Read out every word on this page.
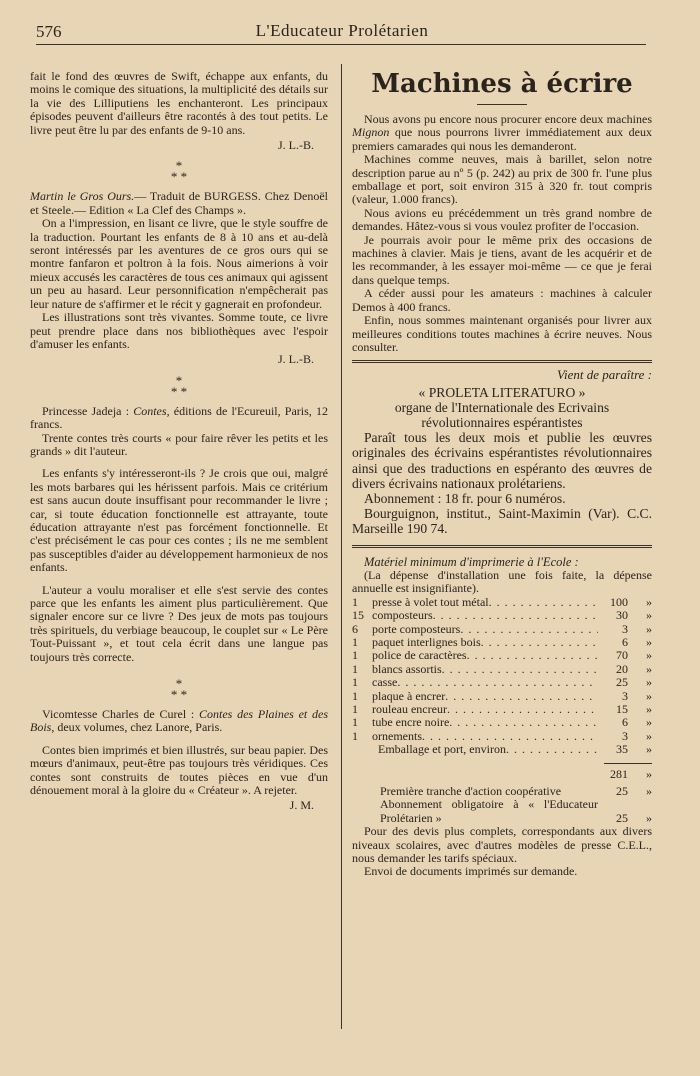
576	L'Educateur Prolétarien

fait le fond des œuvres de Swift, échappe aux enfants, du moins le comique des situations, la multiplicité des détails sur la vie des Lilliputiens les enchanteront. Les principaux épisodes peuvent d'ailleurs être racontés à des tout petits. Le livre peut être lu par des enfants de 9-10 ans.

J. L.-B.

*
* *

Martin le Gros Ours.— Traduit de BURGESS. Chez Denoël et Steele.— Edition « La Clef des Champs ».

On a l'impression, en lisant ce livre, que le style souffre de la traduction. Pourtant les enfants de 8 à 10 ans et au-delà seront intéressés par les aventures de ce gros ours qui se montre fanfaron et poltron à la fois. Nous aimerions à voir mieux accusés les caractères de tous ces animaux qui agissent un peu au hasard. Leur personnification n'empêcherait pas leur nature de s'affirmer et le récit y gagnerait en profondeur.

Les illustrations sont très vivantes. Somme toute, ce livre peut prendre place dans nos bibliothèques avec l'espoir d'amuser les enfants.

J. L.-B.

*
* *

Princesse Jadeja : Contes, éditions de l'Ecureuil, Paris, 12 francs.

Trente contes très courts « pour faire rêver les petits et les grands » dit l'auteur.

Les enfants s'y intéresseront-ils ? Je crois que oui, malgré les mots barbares qui les hérissent parfois. Mais ce critérium est sans aucun doute insuffisant pour recommander le livre ; car, si toute éducation fonctionnelle est attrayante, toute éducation attrayante n'est pas forcément fonctionnelle. Et c'est précisément le cas pour ces contes ; ils ne me semblent pas susceptibles d'aider au développement harmonieux de nos enfants.

L'auteur a voulu moraliser et elle s'est servie des contes parce que les enfants les aiment plus particulièrement. Que signaler encore sur ce livre ? Des jeux de mots pas toujours très spirituels, du verbiage beaucoup, le couplet sur « Le Père Tout-Puissant », et tout cela écrit dans une langue pas toujours très correcte.

*
* *

Vicomtesse Charles de Curel : Contes des Plaines et des Bois, deux volumes, chez Lanore, Paris.

Contes bien imprimés et bien illustrés, sur beau papier. Des mœurs d'animaux, peut-être pas toujours très véridiques. Ces contes sont construits de toutes pièces en vue d'un dénouement moral à la gloire du « Créateur ». A rejeter.

J. M.

Machines à écrire

Nous avons pu encore nous procurer encore deux machines Mignon que nous pourrons livrer immédiatement aux deux premiers camarades qui nous les demanderont.

Machines comme neuves, mais à barillet, selon notre description parue au nº 5 (p. 242) au prix de 300 fr. l'une plus emballage et port, soit environ 315 à 320 fr. tout compris (valeur, 1.000 francs).

Nous avions eu précédemment un très grand nombre de demandes. Hâtez-vous si vous voulez profiter de l'occasion.

Je pourrais avoir pour le même prix des occasions de machines à clavier. Mais je tiens, avant de les acquérir et de les recommander, à les essayer moi-même — ce que je ferai dans quelque temps.

A céder aussi pour les amateurs : machines à calculer Demos à 400 francs.

Enfin, nous sommes maintenant organisés pour livrer aux meilleures conditions toutes machines à écrire neuves. Nous consulter.

Vient de paraître :

« PROLETA LITERATURO »

organe de l'Internationale des Ecrivains révolutionnaires espérantistes

Paraît tous les deux mois et publie les œuvres originales des écrivains espérantistes révolutionnaires ainsi que des traductions en espéranto des œuvres de divers écrivains nationaux prolétariens.

Abonnement : 18 fr. pour 6 numéros.

Bourguignon, institut., Saint-Maximin (Var). C.C. Marseille 190 74.

Matériel minimum d'imprimerie à l'Ecole :

(La dépense d'installation une fois faite, la dépense annuelle est insignifiante).

1	presse à volet tout métal . . .	100	»
15 composteurs . . .	30	»
6	porte composteurs . . .	3	»
1	paquet interlignes bois . . .	6	»
1	police de caractères . . .	70	»
1	blancs assortis . . .	20	»
1	casse . . .	25	»
1	plaque à encrer . . .	3	»
1	rouleau encreur . . .	15	»
1	tube encre noire . . .	6	»
1	ornements . . .	3	»
Emballage et port, environ . . .	35	»
281	»
Première tranche d'action coopérative	25	»
Abonnement obligatoire à « l'Educateur Prolétarien »	25	»

Pour des devis plus complets, correspondants aux divers niveaux scolaires, avec d'autres modèles de presse C.E.L., nous demander les tarifs spéciaux.

Envoi de documents imprimés sur demande.
